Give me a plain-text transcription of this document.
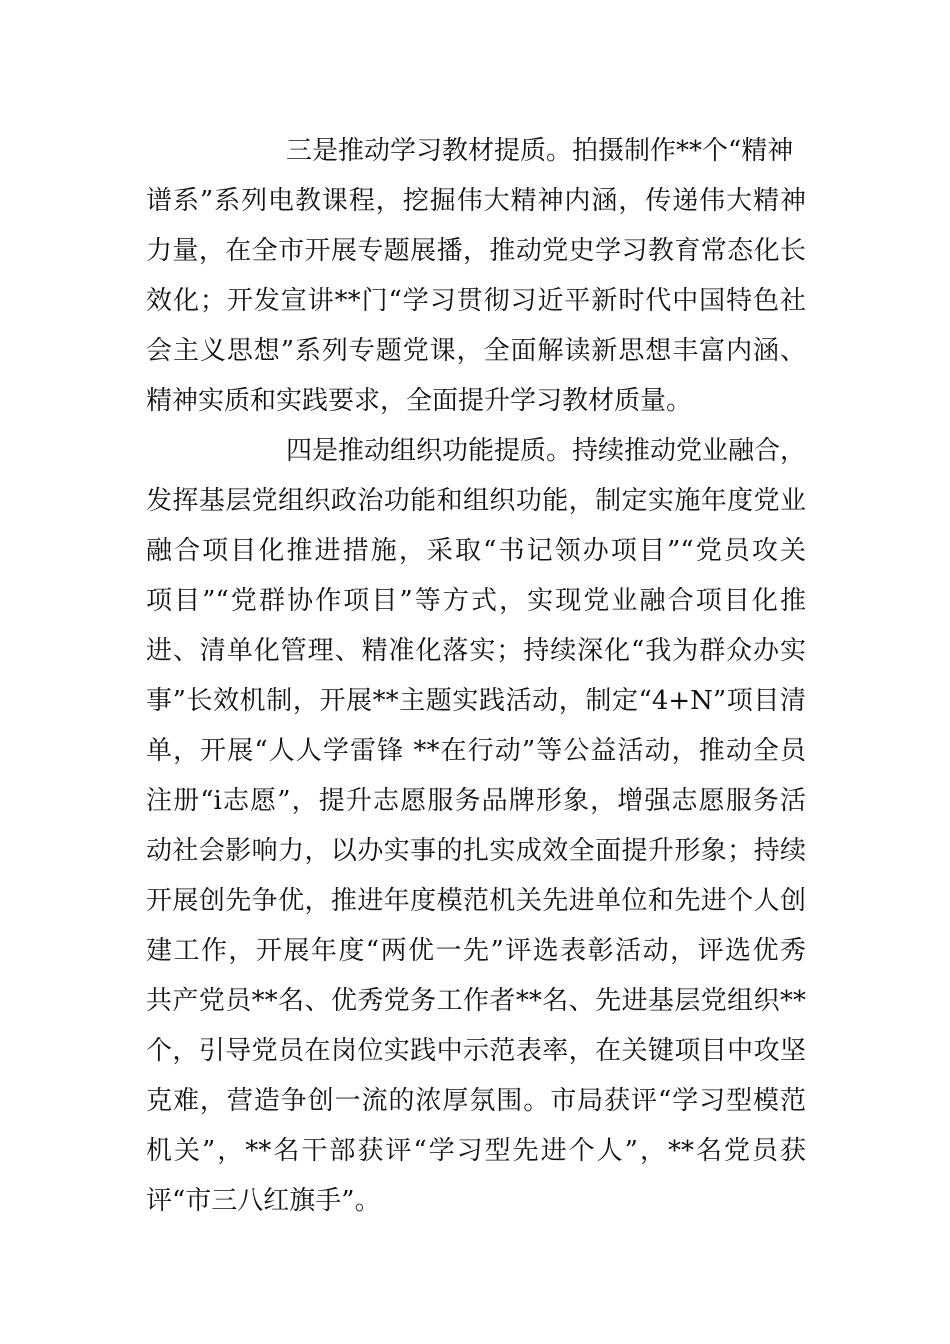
三是推动学习教材提质。拍摄制作**个“精神

谱系”系列电教课程，挖掘伟大精神内涵，传递伟大精神

力量，在全市开展专题展播，推动党史学习教育常态化长

效化；开发宣讲**门“学习贯彻习近平新时代中国特色社

会主义思想”系列专题党课，全面解读新思想丰富内涵、

精神实质和实践要求，全面提升学习教材质量。

四是推动组织功能提质。持续推动党业融合，

发挥基层党组织政治功能和组织功能，制定实施年度党业

融合项目化推进措施，采取“书记领办项目”“党员攻关

项目”“党群协作项目”等方式，实现党业融合项目化推

进、清单化管理、精准化落实；持续深化“我为群众办实

事”长效机制，开展**主题实践活动，制定“4+N”项目清

单，开展“人人学雷锋 **在行动”等公益活动，推动全员

注册“i志愿”，提升志愿服务品牌形象，增强志愿服务活

动社会影响力，以办实事的扎实成效全面提升形象；持续

开展创先争优，推进年度模范机关先进单位和先进个人创

建工作，开展年度“两优一先”评选表彰活动，评选优秀

共产党员**名、优秀党务工作者**名、先进基层党组织**

个，引导党员在岗位实践中示范表率，在关键项目中攻坚

克难，营造争创一流的浓厚氛围。市局获评“学习型模范

机关”，**名干部获评“学习型先进个人”，**名党员获

评“市三八红旗手”。
